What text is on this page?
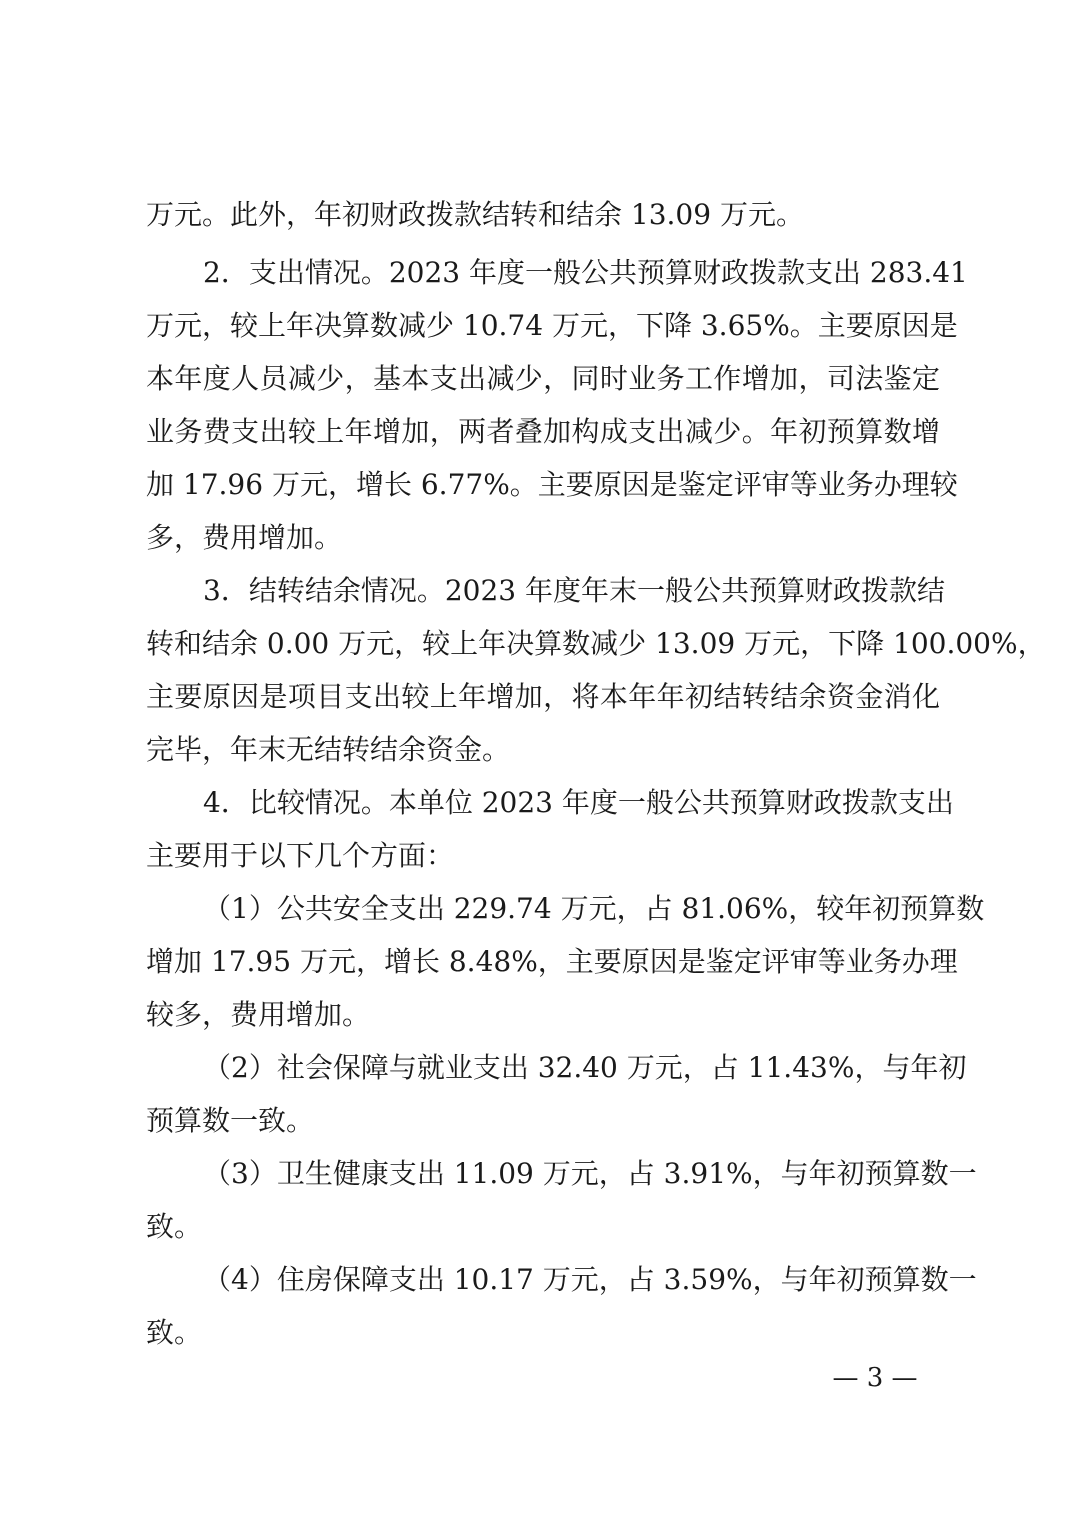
万元。此外，年初财政拨款结转和结余 13.09 万元。
2．支出情况。2023 年度一般公共预算财政拨款支出 283.41
万元，较上年决算数减少 10.74 万元，下降 3.65%。主要原因是
本年度人员减少，基本支出减少，同时业务工作增加，司法鉴定
业务费支出较上年增加，两者叠加构成支出减少。年初预算数增
加 17.96 万元，增长 6.77%。主要原因是鉴定评审等业务办理较
多，费用增加。
3．结转结余情况。2023 年度年末一般公共预算财政拨款结
转和结余 0.00 万元，较上年决算数减少 13.09 万元，下降 100.00%，
主要原因是项目支出较上年增加，将本年年初结转结余资金消化
完毕，年末无结转结余资金。
4．比较情况。本单位 2023 年度一般公共预算财政拨款支出
主要用于以下几个方面：
（1）公共安全支出 229.74 万元，占 81.06%，较年初预算数
增加 17.95 万元，增长 8.48%，主要原因是鉴定评审等业务办理
较多，费用增加。
（2）社会保障与就业支出 32.40 万元，占 11.43%，与年初
预算数一致。
（3）卫生健康支出 11.09 万元，占 3.91%，与年初预算数一
致。
（4）住房保障支出 10.17 万元，占 3.59%，与年初预算数一
致。
— 3 —
